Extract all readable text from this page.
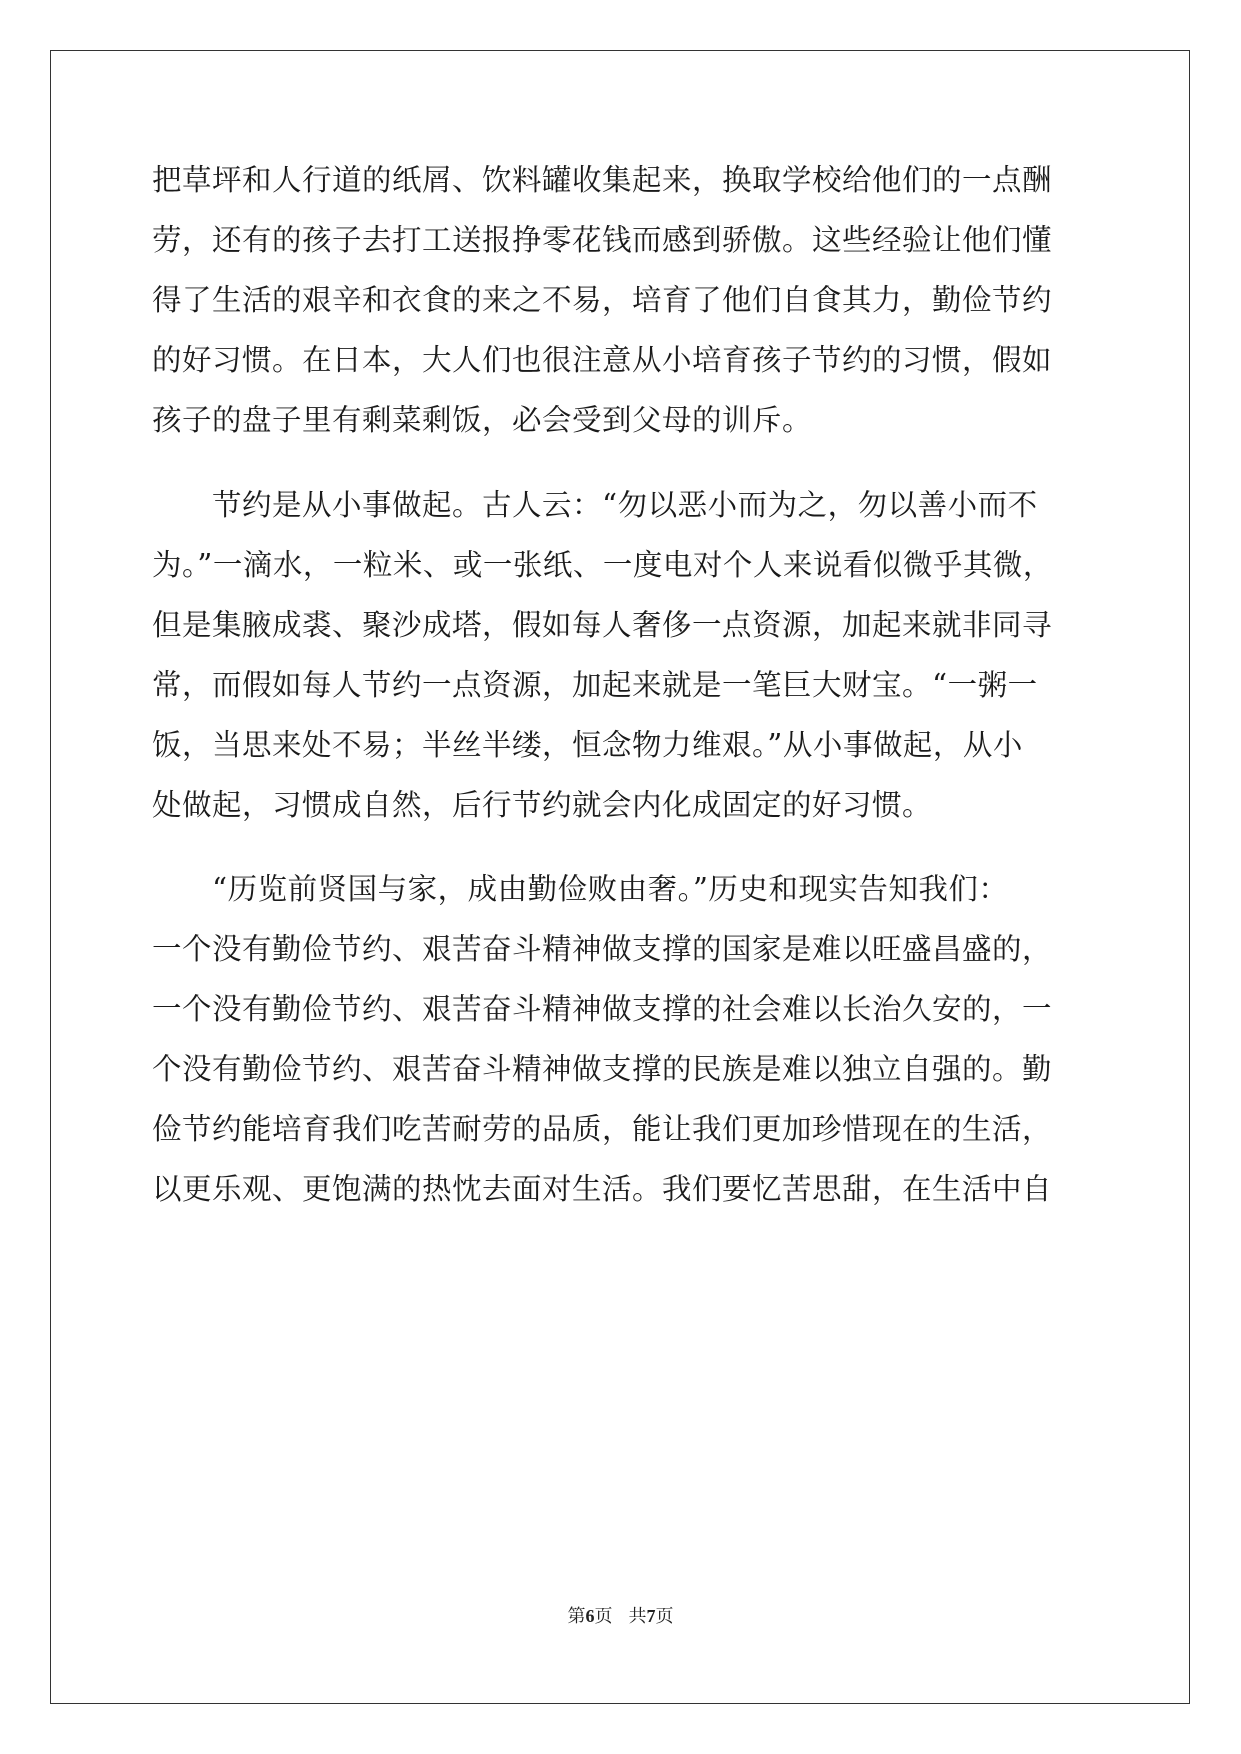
把草坪和人行道的纸屑、饮料罐收集起来，换取学校给他们的一点酬
劳，还有的孩子去打工送报挣零花钱而感到骄傲。这些经验让他们懂
得了生活的艰辛和衣食的来之不易，培育了他们自食其力，勤俭节约
的好习惯。在日本，大人们也很注意从小培育孩子节约的习惯，假如
孩子的盘子里有剩菜剩饭，必会受到父母的训斥。
　　节约是从小事做起。古人云：“勿以恶小而为之，勿以善小而不
为。”一滴水，一粒米、或一张纸、一度电对个人来说看似微乎其微，
但是集腋成裘、聚沙成塔，假如每人奢侈一点资源，加起来就非同寻
常，而假如每人节约一点资源，加起来就是一笔巨大财宝。“一粥一
饭，当思来处不易；半丝半缕，恒念物力维艰。”从小事做起，从小
处做起，习惯成自然，后行节约就会内化成固定的好习惯。
　　“历览前贤国与家，成由勤俭败由奢。”历史和现实告知我们：
一个没有勤俭节约、艰苦奋斗精神做支撑的国家是难以旺盛昌盛的，
一个没有勤俭节约、艰苦奋斗精神做支撑的社会难以长治久安的，一
个没有勤俭节约、艰苦奋斗精神做支撑的民族是难以独立自强的。勤
俭节约能培育我们吃苦耐劳的品质，能让我们更加珍惜现在的生活，
以更乐观、更饱满的热忱去面对生活。我们要忆苦思甜，在生活中自
第6页 共7页
